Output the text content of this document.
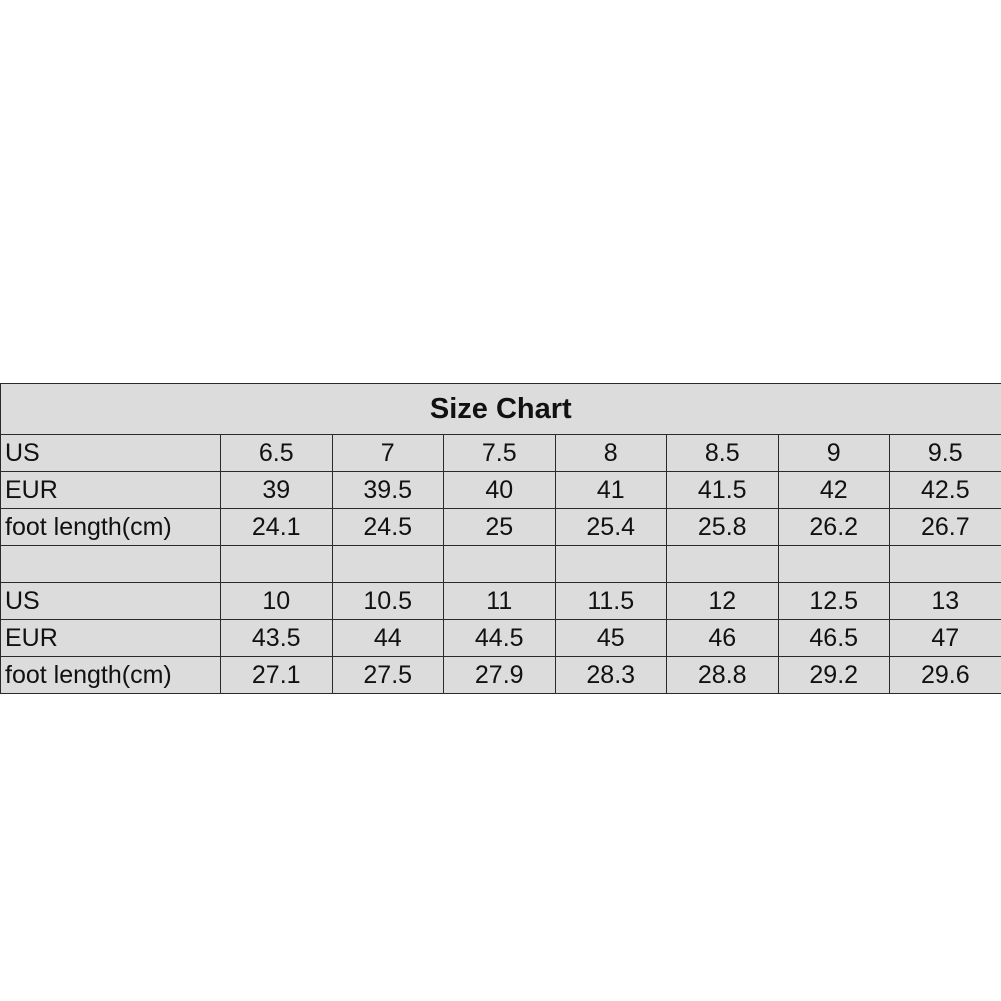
Size Chart							
US	6.5	7	7.5	8	8.5	9	9.5
EUR	39	39.5	40	41	41.5	42	42.5
foot length(cm)	24.1	24.5	25	25.4	25.8	26.2	26.7

US	10	10.5	11	11.5	12	12.5	13
EUR	43.5	44	44.5	45	46	46.5	47
foot length(cm)	27.1	27.5	27.9	28.3	28.8	29.2	29.6
